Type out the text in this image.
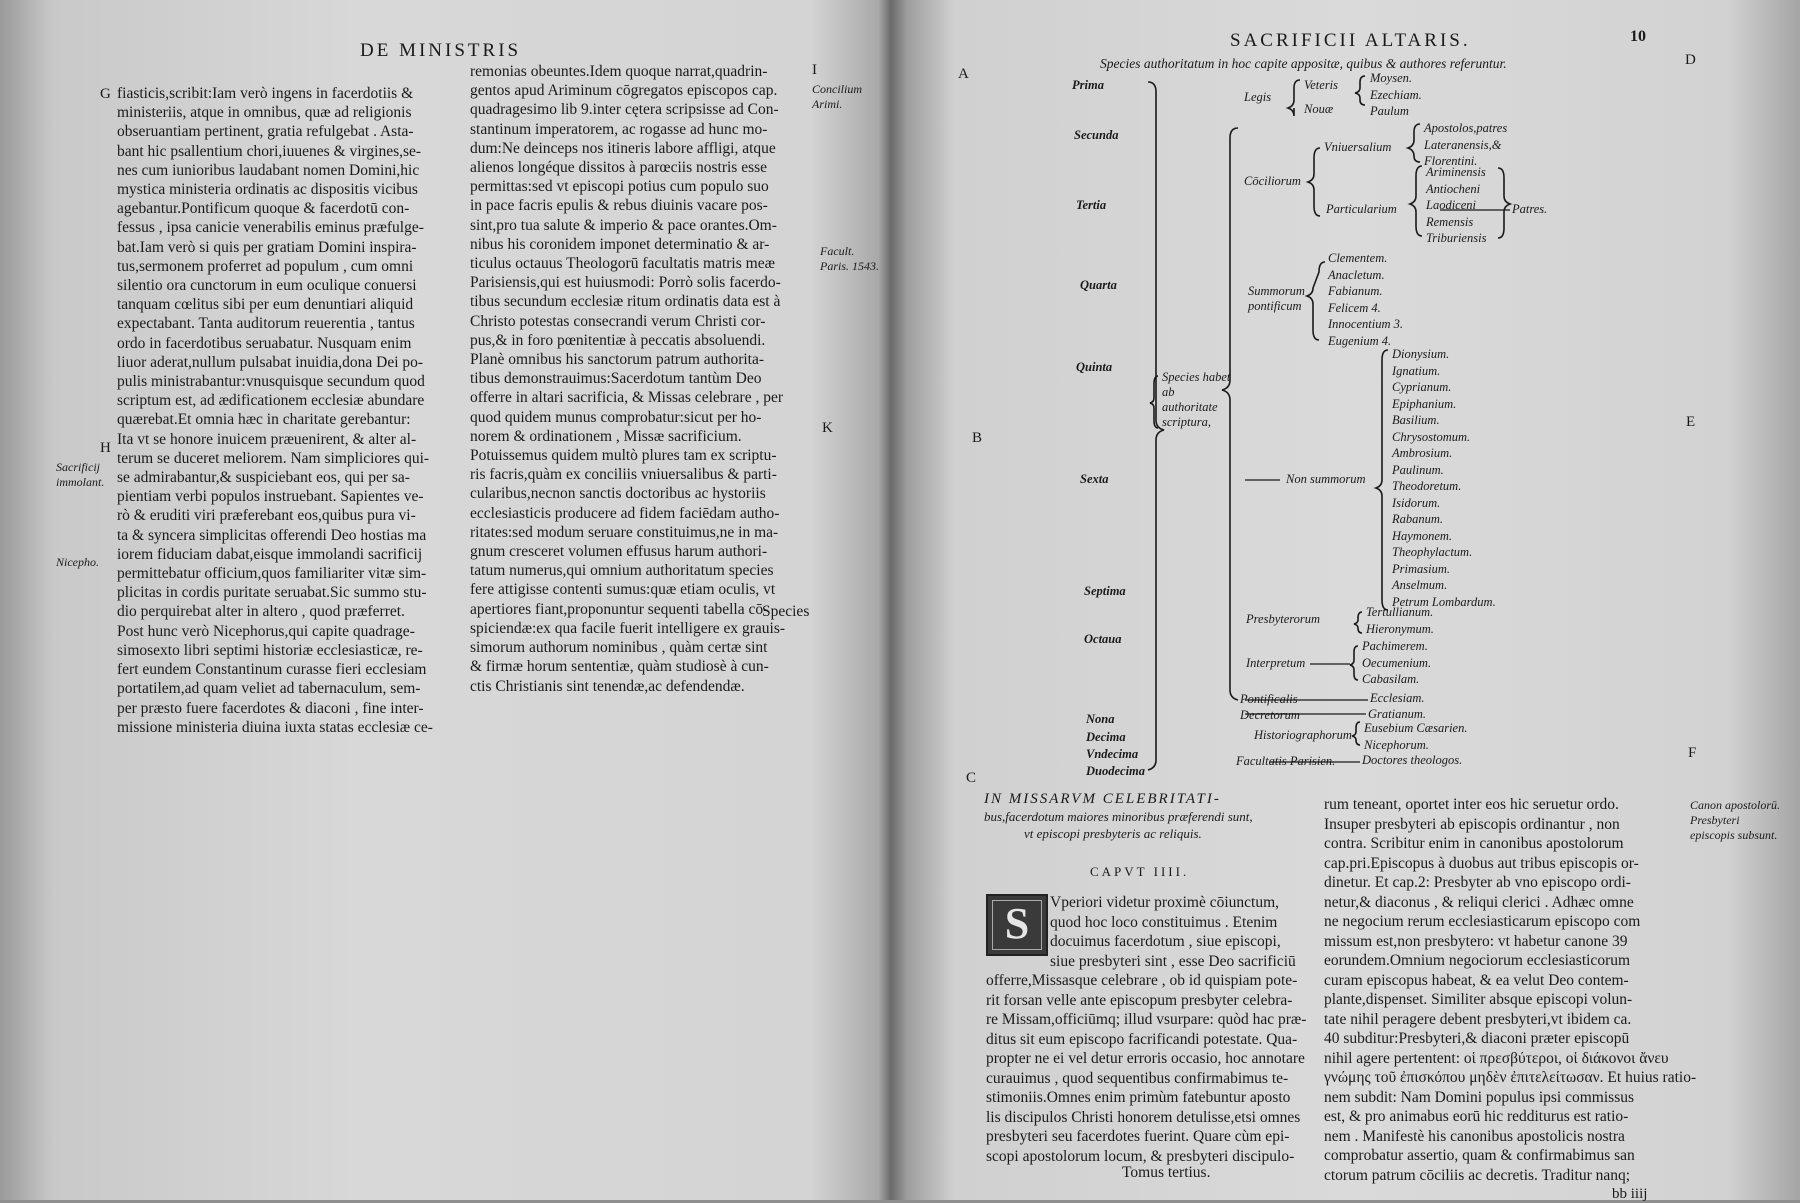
DE MINISTRIS
G
H
I
K
Sacrificij immolant.
Nicepho.
Concilium Arimi.
Facult. Paris. 1543.
fiasticis,scribit:Iam verò ingens in facerdotiis &
ministeriis, atque in omnibus, quæ ad religionis
obseruantiam pertinent, gratia refulgebat . Asta-
bant hic psallentium chori,iuuenes & virgines,se-
nes cum iunioribus laudabant nomen Domini,hic
mystica ministeria ordinatis ac dispositis vicibus
agebantur.Pontificum quoque & facerdotū con-
fessus , ipsa canicie venerabilis eminus præfulge-
bat.Iam verò si quis per gratiam Domini inspira-
tus,sermonem proferret ad populum , cum omni
silentio ora cunctorum in eum oculique conuersi
tanquam cœlitus sibi per eum denuntiari aliquid
expectabant. Tanta auditorum reuerentia , tantus
ordo in facerdotibus seruabatur. Nusquam enim
liuor aderat,nullum pulsabat inuidia,dona Dei po-
pulis ministrabantur:vnusquisque secundum quod
scriptum est, ad ædificationem ecclesiæ abundare
quærebat.Et omnia hæc in charitate gerebantur:
Ita vt se honore inuicem præuenirent, & alter al-
terum se duceret meliorem. Nam simpliciores qui-
se admirabantur,& suspiciebant eos, qui per sa-
pientiam verbi populos instruebant. Sapientes ve-
rò & eruditi viri præferebant eos,quibus pura vi-
ta & syncera simplicitas offerendi Deo hostias ma
iorem fiduciam dabat,eisque immolandi sacrificij
permittebatur officium,quos familiariter vitæ sim-
plicitas in cordis puritate seruabat.Sic summo stu-
dio perquirebat alter in altero , quod præferret.
Post hunc verò Nicephorus,qui capite quadrage-
simosexto libri septimi historiæ ecclesiasticæ, re-
fert eundem Constantinum curasse fieri ecclesiam
portatilem,ad quam veliet ad tabernaculum, sem-
per præsto fuere facerdotes & diaconi , fine inter-
missione ministeria diuina iuxta statas ecclesiæ ce-
remonias obeuntes.Idem quoque narrat,quadrin-
gentos apud Ariminum cōgregatos episcopos cap.
quadragesimo lib 9.inter cętera scripsisse ad Con-
stantinum imperatorem, ac rogasse ad hunc mo-
dum:Ne deinceps nos itineris labore affligi, atque
alienos longéque dissitos à parœciis nostris esse
permittas:sed vt episcopi potius cum populo suo
in pace facris epulis & rebus diuinis vacare pos-
sint,pro tua salute & imperio & pace orantes.Om-
nibus his coronidem imponet determinatio & ar-
ticulus octauus Theologorū facultatis matris meæ
Parisiensis,qui est huiusmodi: Porrò solis facerdo-
tibus secundum ecclesiæ ritum ordinatis data est à
Christo potestas consecrandi verum Christi cor-
pus,& in foro pœnitentiæ à peccatis absoluendi.
Planè omnibus his sanctorum patrum authorita-
tibus demonstrauimus:Sacerdotum tantùm Deo
offerre in altari sacrificia, & Missas celebrare , per
quod quidem munus comprobatur:sicut per ho-
norem & ordinationem , Missæ sacrificium.
Potuissemus quidem multò plures tam ex scriptu-
ris facris,quàm ex conciliis vniuersalibus & parti-
cularibus,necnon sanctis doctoribus ac hystoriis
ecclesiasticis producere ad fidem faciēdam autho-
ritates:sed modum seruare constituimus,ne in ma-
gnum cresceret volumen effusus harum authori-
tatum numerus,qui omnium authoritatum species
fere attigisse contenti sumus:quæ etiam oculis, vt
apertiores fiant,proponuntur sequenti tabella cō-
spiciendæ:ex qua facile fuerit intelligere ex grauis-
simorum authorum nominibus , quàm certæ sint
& firmæ horum sententiæ, quàm studiosè à cun-
ctis Christianis sint tenendæ,ac defendendæ.
Species
SACRIFICII ALTARIS.	10
A
B
C
D
E
F
Species authoritatum in hoc capite appositæ, quibus & authores referuntur.
Prima
Secunda
Tertia
Quarta
Quinta
Sexta
Septima
Octaua
Nona
Decima
Vndecima
Duodecima
Species habet ab authoritate scriptura,
Legis
Veteris
Nouæ
Moysen.
Ezechiam.
Paulum
Cōciliorum
Vniuersalium
Apostolos,patres
Lateranensis,&
Florentini.
Particularium
Ariminensis
Antiocheni
Laodiceni
Remensis
Triburiensis
Patres.
Summorum pontificum
Clementem.
Anacletum.
Fabianum.
Felicem 4.
Innocentium 3.
Eugenium 4.
Non summorum
Dionysium.
Ignatium.
Cyprianum.
Epiphanium.
Basilium.
Chrysostomum.
Ambrosium.
Paulinum.
Theodoretum.
Isidorum.
Rabanum.
Haymonem.
Theophylactum.
Primasium.
Anselmum.
Petrum Lombardum.
Presbyterorum	Tertullianum.
Hieronymum.
Interpretum
Pachimerem.
Oecumenium.
Cabasilam.
Pontificalis	Ecclesiam.
Decretorum	Gratianum.
Historiographorum Eusebium Cæsarien.
Nicephorum.
Facultatis Parisien. Doctores theologos.
IN MISSARVM CELEBRITATI-
bus,facerdotum maiores minoribus præferendi sunt,
vt episcopi presbyteris ac reliquis.
CAPVT IIII.
S	Vperiori videtur proximè cōiunctum,
quod hoc loco constituimus . Etenim
docuimus facerdotum , siue episcopi,
siue presbyteri sint , esse Deo sacrificiū
offerre,Missasque celebrare , ob id quispiam pote-
rit forsan velle ante episcopum presbyter celebra-
re Missam,officiūmq; illud vsurpare: quòd hac præ-
ditus sit eum episcopo facrificandi potestate. Qua-
propter ne ei vel detur erroris occasio, hoc annotare
curauimus , quod sequentibus confirmabimus te-
stimoniis.Omnes enim primùm fatebuntur aposto
lis discipulos Christi honorem detulisse,etsi omnes
presbyteri seu facerdotes fuerint. Quare cùm epi-
scopi apostolorum locum, & presbyteri discipulo-
Tomus tertius.
rum teneant, oportet inter eos hic seruetur ordo.
Insuper presbyteri ab episcopis ordinantur , non
contra. Scribitur enim in canonibus apostolorum
cap.pri.Episcopus à duobus aut tribus episcopis or-
dinetur. Et cap.2: Presbyter ab vno episcopo ordi-
netur,& diaconus , & reliqui clerici . Adhæc omne
ne negocium rerum ecclesiasticarum episcopo com
missum est,non presbytero: vt habetur canone 39
eorundem.Omnium negociorum ecclesiasticorum
curam episcopus habeat, & ea velut Deo contem-
plante,dispenset. Similiter absque episcopi volun-
tate nihil peragere debent presbyteri,vt ibidem ca.
40 subditur:Presbyteri,& diaconi præter episcopū
nihil agere pertentent: οἱ πρεσβύτεροι, οἱ διάκονοι ἄνευ
γνώμης τοῦ ἐπισκόπου μηδὲν ἐπιτελείτωσαν. Et huius ratio-
nem subdit: Nam Domini populus ipsi commissus
est, & pro animabus eorū hic redditurus est ratio-
nem . Manifestè his canonibus apostolicis nostra
comprobatur assertio, quam & confirmabimus san
ctorum patrum cōciliis ac decretis. Traditur nanq;
bb iiij
Canon apostolorū. Presbyteri episcopis subsunt.
